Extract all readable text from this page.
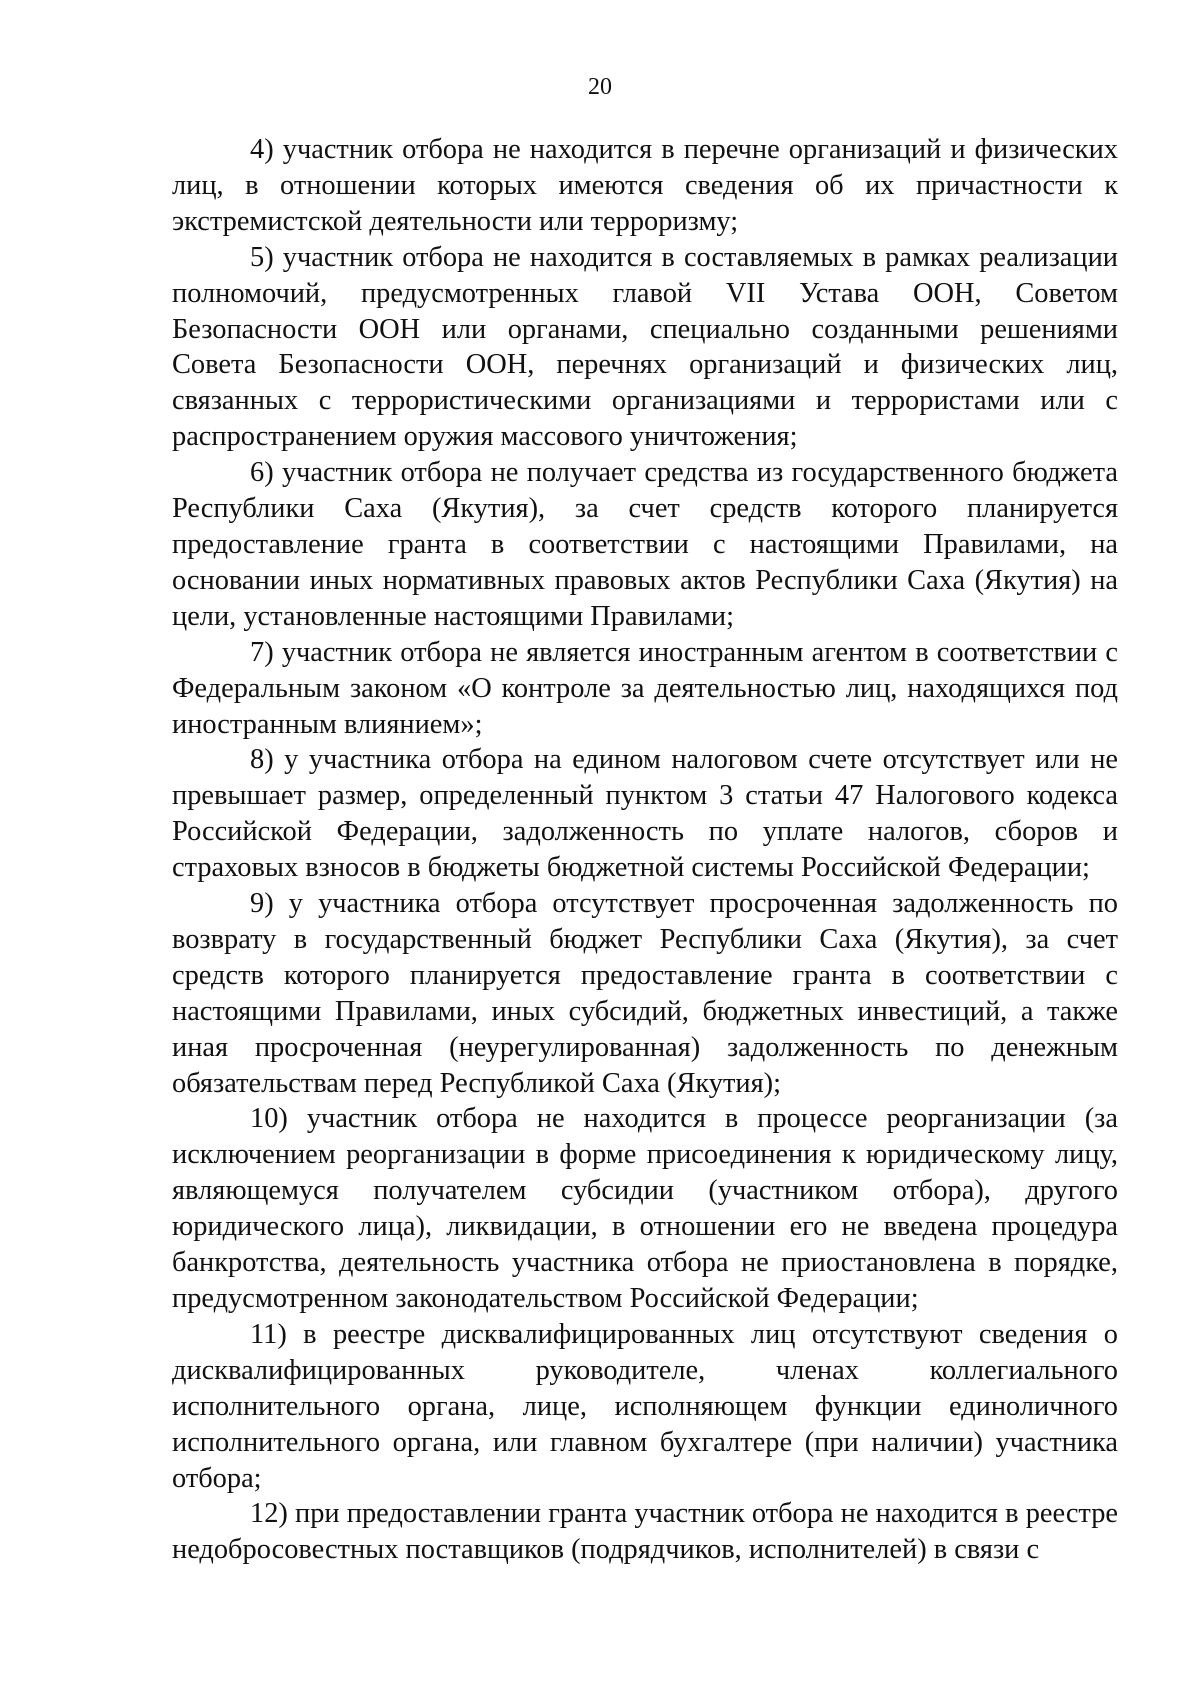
20

4) участник отбора не находится в перечне организаций и физических лиц, в отношении которых имеются сведения об их причастности к экстремистской деятельности или терроризму;

5) участник отбора не находится в составляемых в рамках реализации полномочий, предусмотренных главой VII Устава ООН, Советом Безопасности ООН или органами, специально созданными решениями Совета Безопасности ООН, перечнях организаций и физических лиц, связанных с террористическими организациями и террористами или с распространением оружия массового уничтожения;

6) участник отбора не получает средства из государственного бюджета Республики Саха (Якутия), за счет средств которого планируется предоставление гранта в соответствии с настоящими Правилами, на основании иных нормативных правовых актов Республики Саха (Якутия) на цели, установленные настоящими Правилами;

7) участник отбора не является иностранным агентом в соответствии с Федеральным законом «О контроле за деятельностью лиц, находящихся под иностранным влиянием»;

8) у участника отбора на едином налоговом счете отсутствует или не превышает размер, определенный пунктом 3 статьи 47 Налогового кодекса Российской Федерации, задолженность по уплате налогов, сборов и страховых взносов в бюджеты бюджетной системы Российской Федерации;

9) у участника отбора отсутствует просроченная задолженность по возврату в государственный бюджет Республики Саха (Якутия), за счет средств которого планируется предоставление гранта в соответствии с настоящими Правилами, иных субсидий, бюджетных инвестиций, а также иная просроченная (неурегулированная) задолженность по денежным обязательствам перед Республикой Саха (Якутия);

10) участник отбора не находится в процессе реорганизации (за исключением реорганизации в форме присоединения к юридическому лицу, являющемуся получателем субсидии (участником отбора), другого юридического лица), ликвидации, в отношении его не введена процедура банкротства, деятельность участника отбора не приостановлена в порядке, предусмотренном законодательством Российской Федерации;

11) в реестре дисквалифицированных лиц отсутствуют сведения о дисквалифицированных руководителе, членах коллегиального исполнительного органа, лице, исполняющем функции единоличного исполнительного органа, или главном бухгалтере (при наличии) участника отбора;

12) при предоставлении гранта участник отбора не находится в реестре недобросовестных поставщиков (подрядчиков, исполнителей) в связи с
